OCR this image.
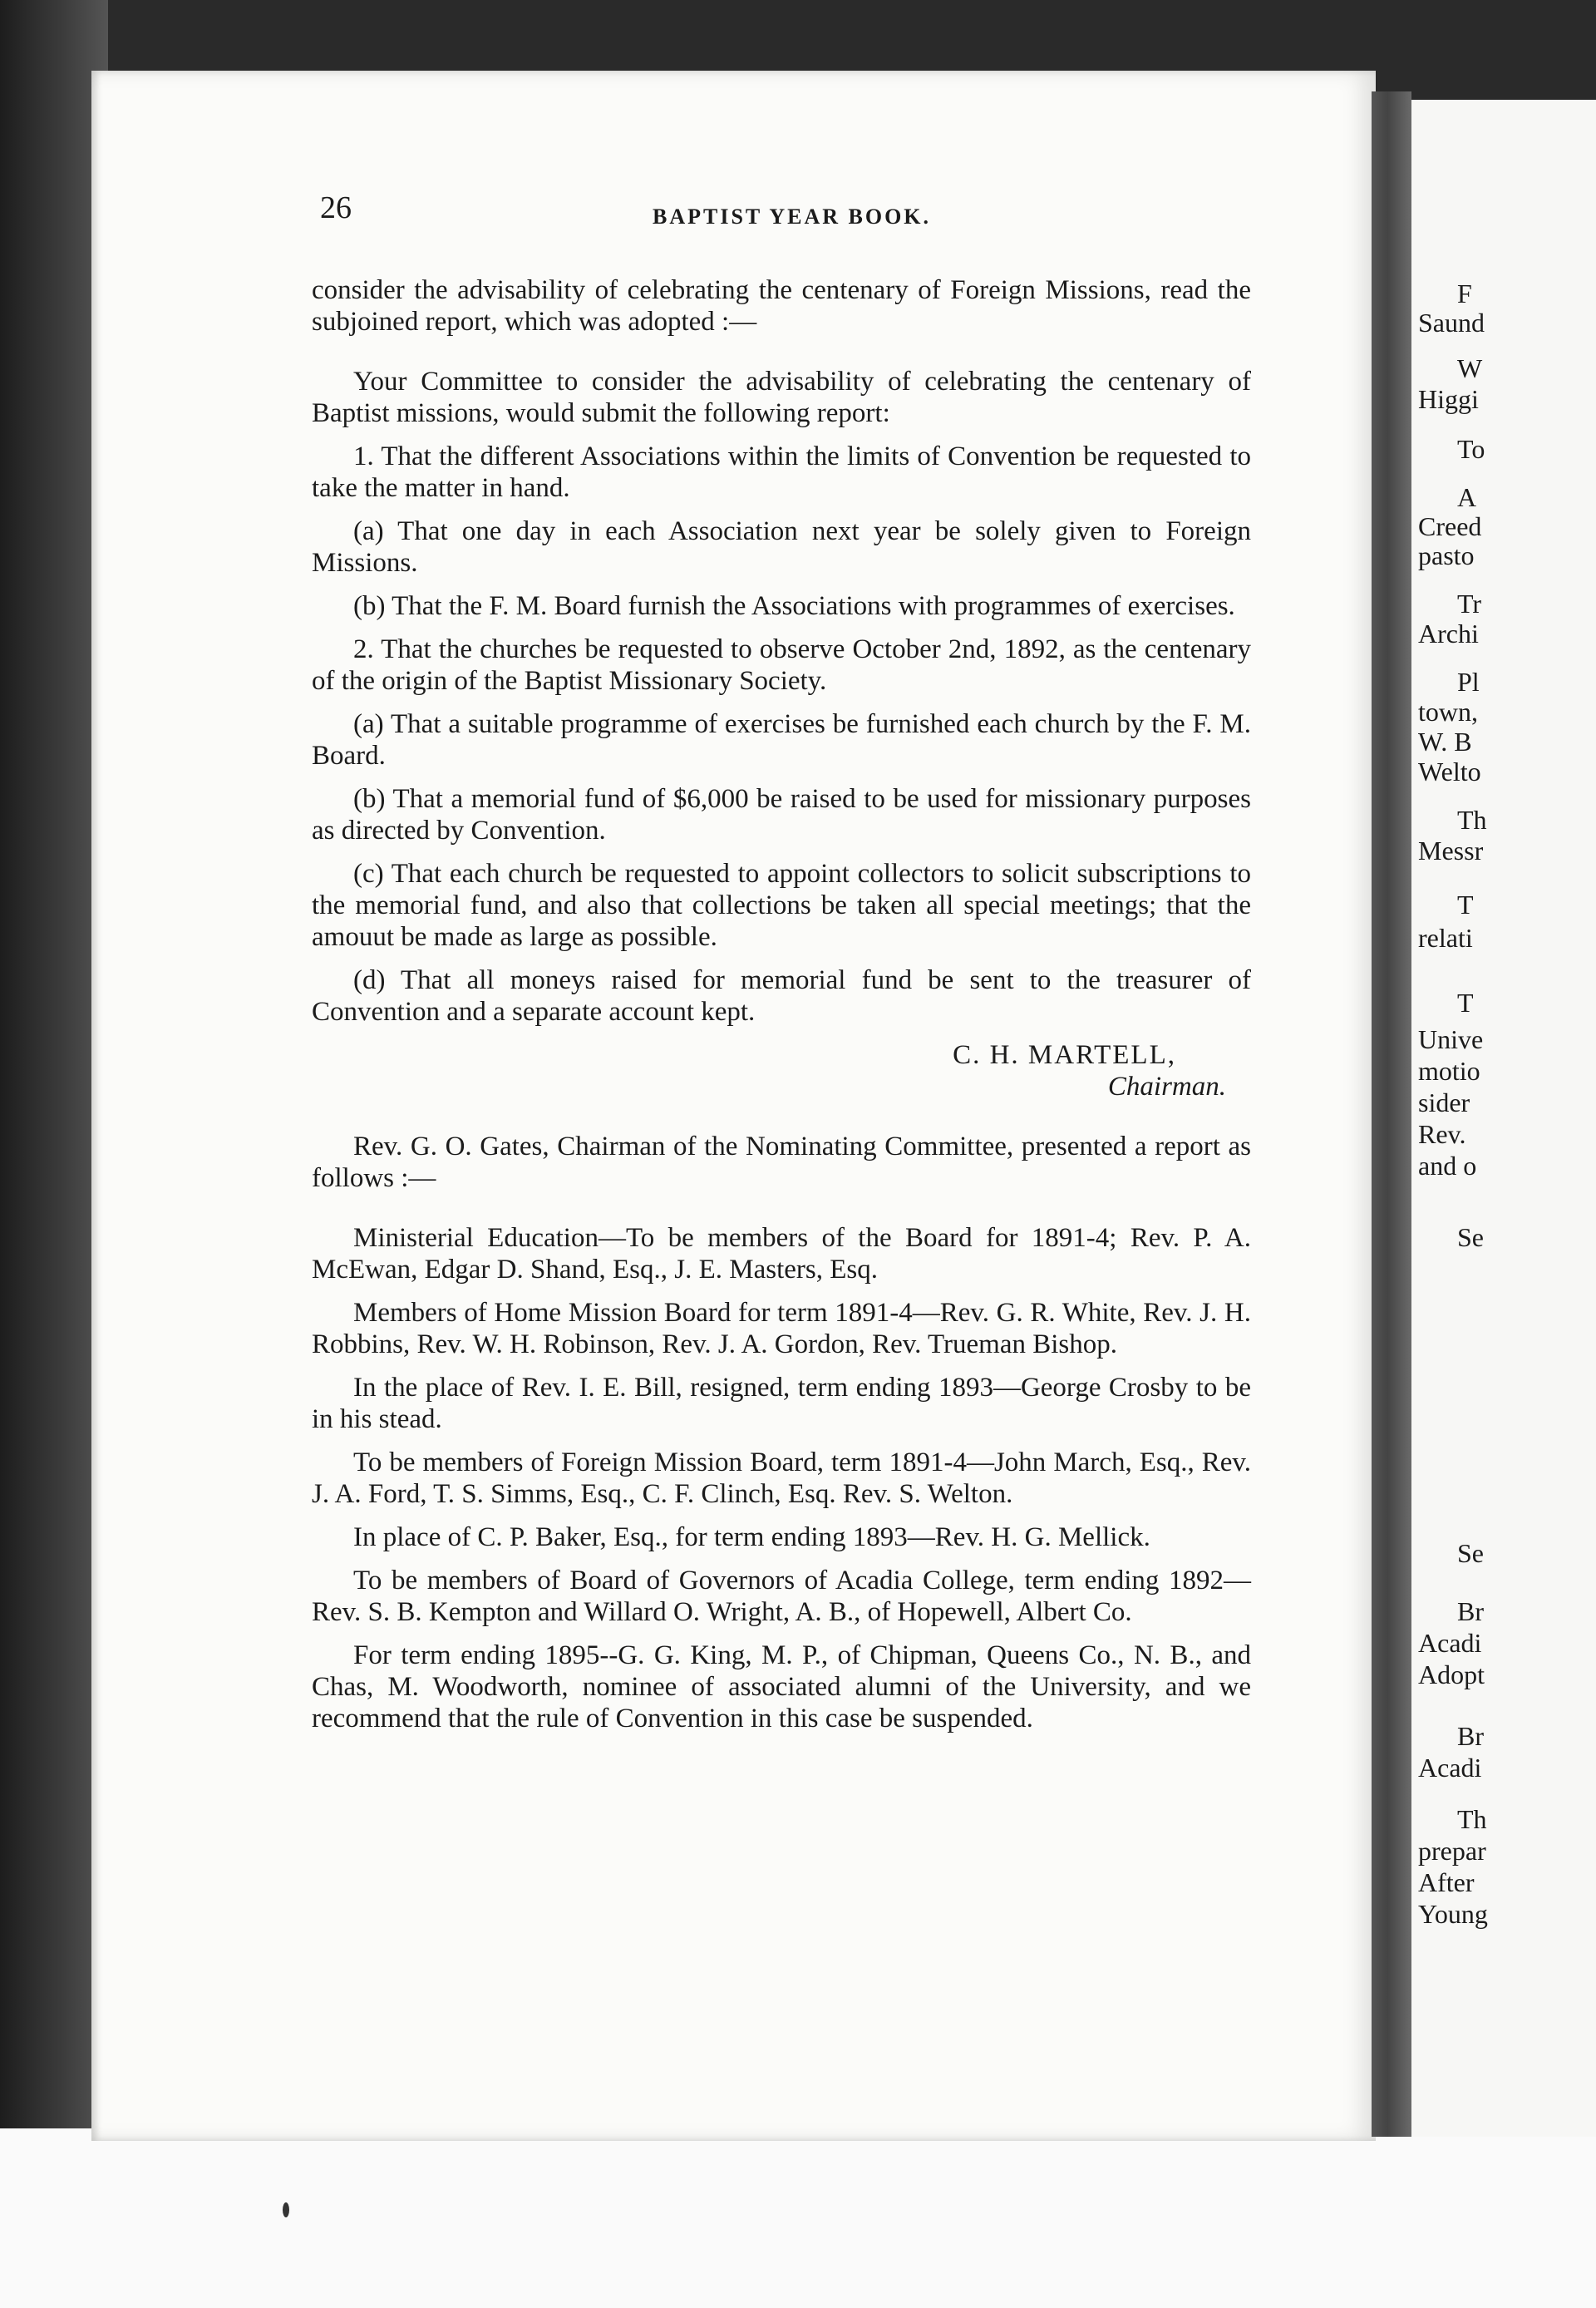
26	BAPTIST YEAR BOOK.

consider the advisability of celebrating the centenary of Foreign Missions, read the subjoined report, which was adopted :—

Your Committee to consider the advisability of celebrating the centenary of Baptist missions, would submit the following report:

1. That the different Associations within the limits of Convention be requested to take the matter in hand.

(a) That one day in each Association next year be solely given to Foreign Missions.

(b) That the F. M. Board furnish the Associations with programmes of exercises.

2. That the churches be requested to observe October 2nd, 1892, as the centenary of the origin of the Baptist Missionary Society.

(a) That a suitable programme of exercises be furnished each church by the F. M. Board.

(b) That a memorial fund of $6,000 be raised to be used for missionary purposes as directed by Convention.

(c) That each church be requested to appoint collectors to solicit subscriptions to the memorial fund, and also that collections be taken all special meetings; that the amouut be made as large as possible.

(d) That all moneys raised for memorial fund be sent to the treasurer of Convention and a separate account kept.

C. H. MARTELL,
Chairman.

Rev. G. O. Gates, Chairman of the Nominating Committee, presented a report as follows :—

Ministerial Education—To be members of the Board for 1891-4; Rev. P. A. McEwan, Edgar D. Shand, Esq., J. E. Masters, Esq.

Members of Home Mission Board for term 1891-4—Rev. G. R. White, Rev. J. H. Robbins, Rev. W. H. Robinson, Rev. J. A. Gordon, Rev. Trueman Bishop.

In the place of Rev. I. E. Bill, resigned, term ending 1893—George Crosby to be in his stead.

To be members of Foreign Mission Board, term 1891-4—John March, Esq., Rev. J. A. Ford, T. S. Simms, Esq., C. F. Clinch, Esq. Rev. S. Welton.

In place of C. P. Baker, Esq., for term ending 1893—Rev. H. G. Mellick.

To be members of Board of Governors of Acadia College, term ending 1892—Rev. S. B. Kempton and Willard O. Wright, A. B., of Hopewell, Albert Co.

For term ending 1895--G. G. King, M. P., of Chipman, Queens Co., N. B., and Chas, M. Woodworth, nominee of associated alumni of the University, and we recommend that the rule of Convention in this case be suspended.

F
Saund
W
Higgi
To
A
Creed
pasto
Tr
Archi
Pl
town,
W. B
Welto
Th
Messr
T
relati
T
Unive
motio
sider
Rev.
and o
Se
Se
Br
Acadi
Adopt
Br
Acadi
Th
prepar
After
Young
